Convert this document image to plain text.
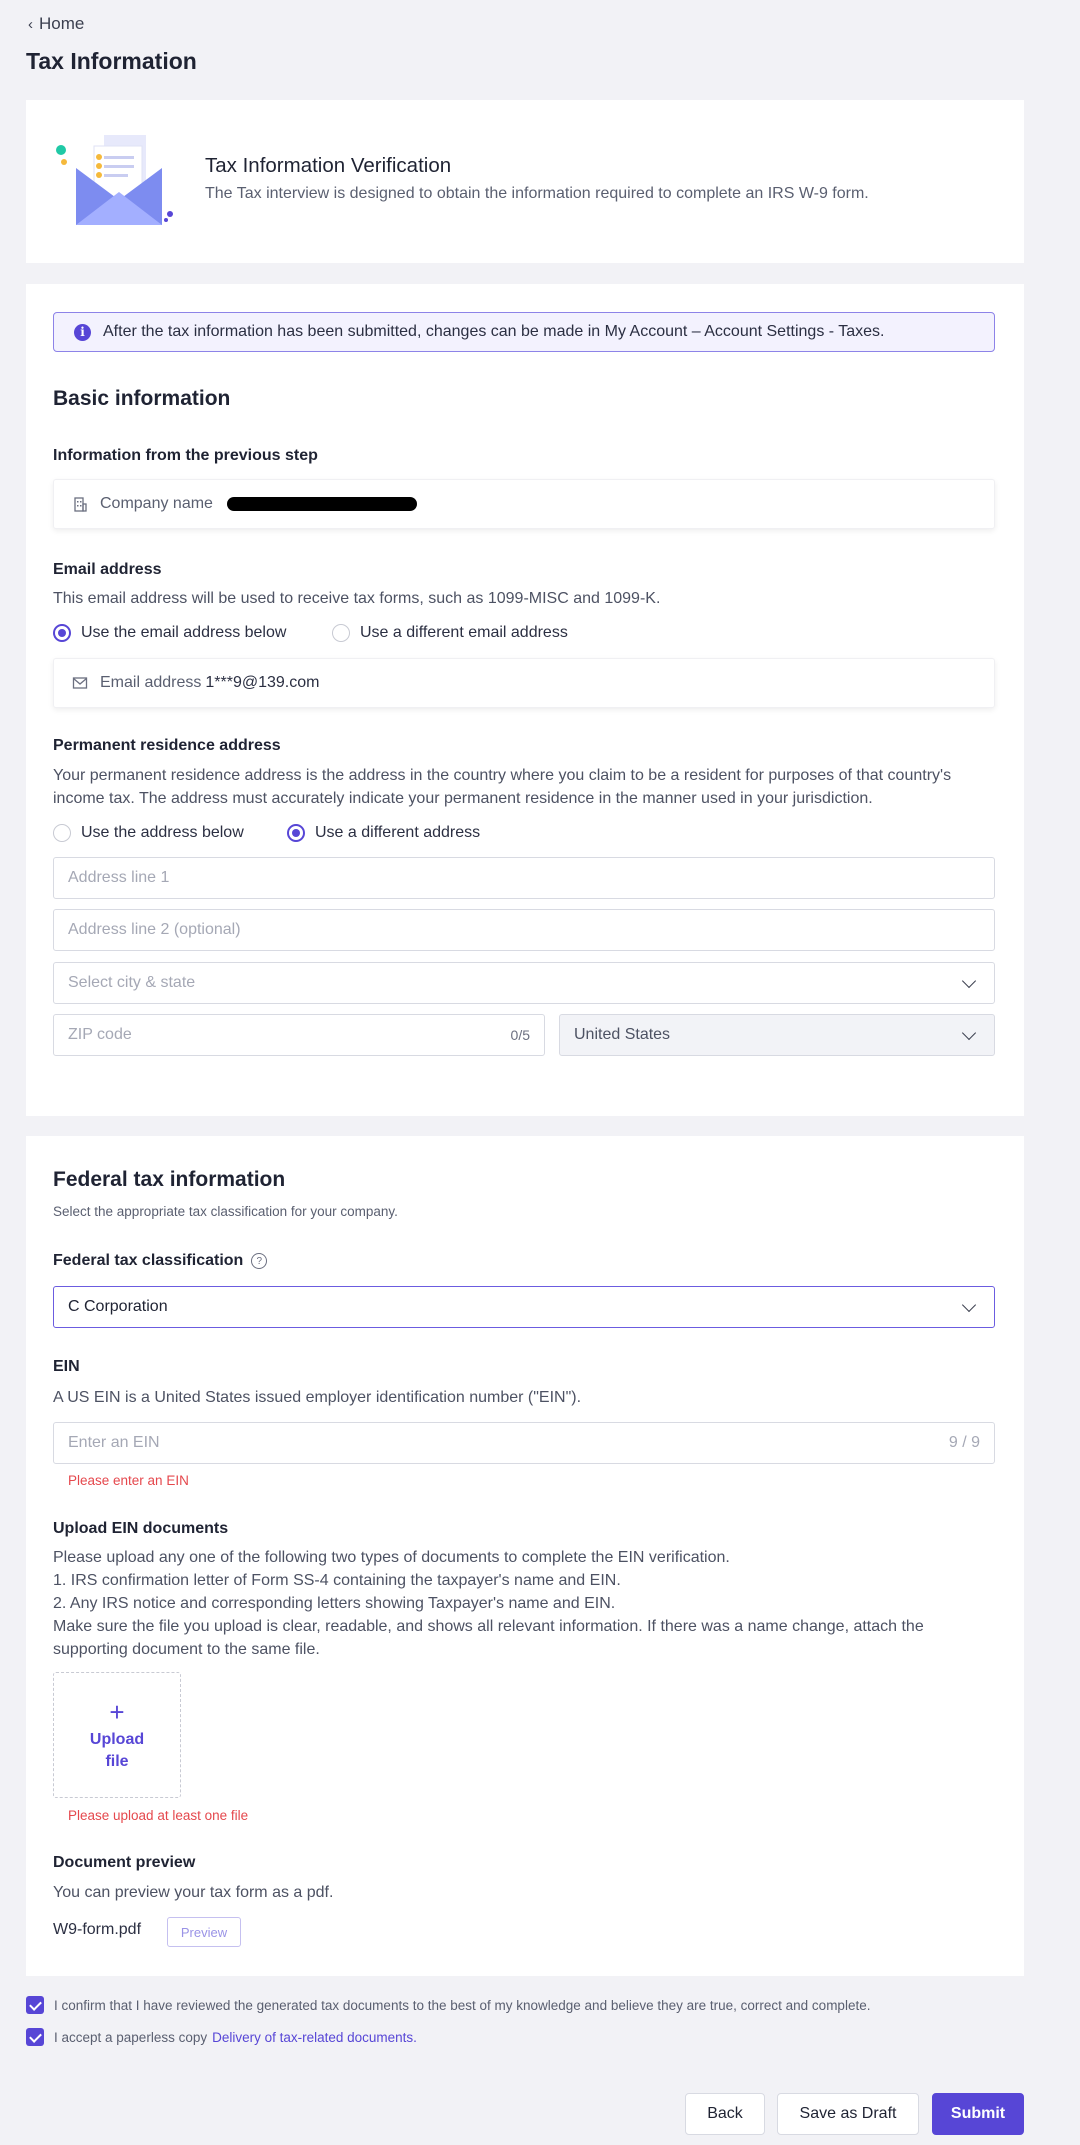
‹ Home
Tax Information
Tax Information Verification
The Tax interview is designed to obtain the information required to complete an IRS W-9 form.
i	After the tax information has been submitted, changes can be made in My Account – Account Settings - Taxes.
Basic information
Information from the previous step
Company name
Email address
This email address will be used to receive tax forms, such as 1099-MISC and 1099-K.
Use the email address below	Use a different email address
Email address 1***9@139.com
Permanent residence address
Your permanent residence address is the address in the country where you claim to be a resident for purposes of that country's
income tax. The address must accurately indicate your permanent residence in the manner used in your jurisdiction.
Use the address below	Use a different address
Address line 1
Address line 2 (optional)
Select city & state
ZIP code	0/5	United States
Federal tax information
Select the appropriate tax classification for your company.
Federal tax classification	?
C Corporation
EIN
A US EIN is a United States issued employer identification number ("EIN").
Enter an EIN	9 / 9
Please enter an EIN
Upload EIN documents
Please upload any one of the following two types of documents to complete the EIN verification.
1. IRS confirmation letter of Form SS-4 containing the taxpayer's name and EIN.
2. Any IRS notice and corresponding letters showing Taxpayer's name and EIN.
Make sure the file you upload is clear, readable, and shows all relevant information. If there was a name change, attach the
supporting document to the same file.
+
Upload
file
Please upload at least one file
Document preview
You can preview your tax form as a pdf.
W9-form.pdf	Preview
I confirm that I have reviewed the generated tax documents to the best of my knowledge and believe they are true, correct and complete.
I accept a paperless copy Delivery of tax-related documents.
Back	Save as Draft	Submit
